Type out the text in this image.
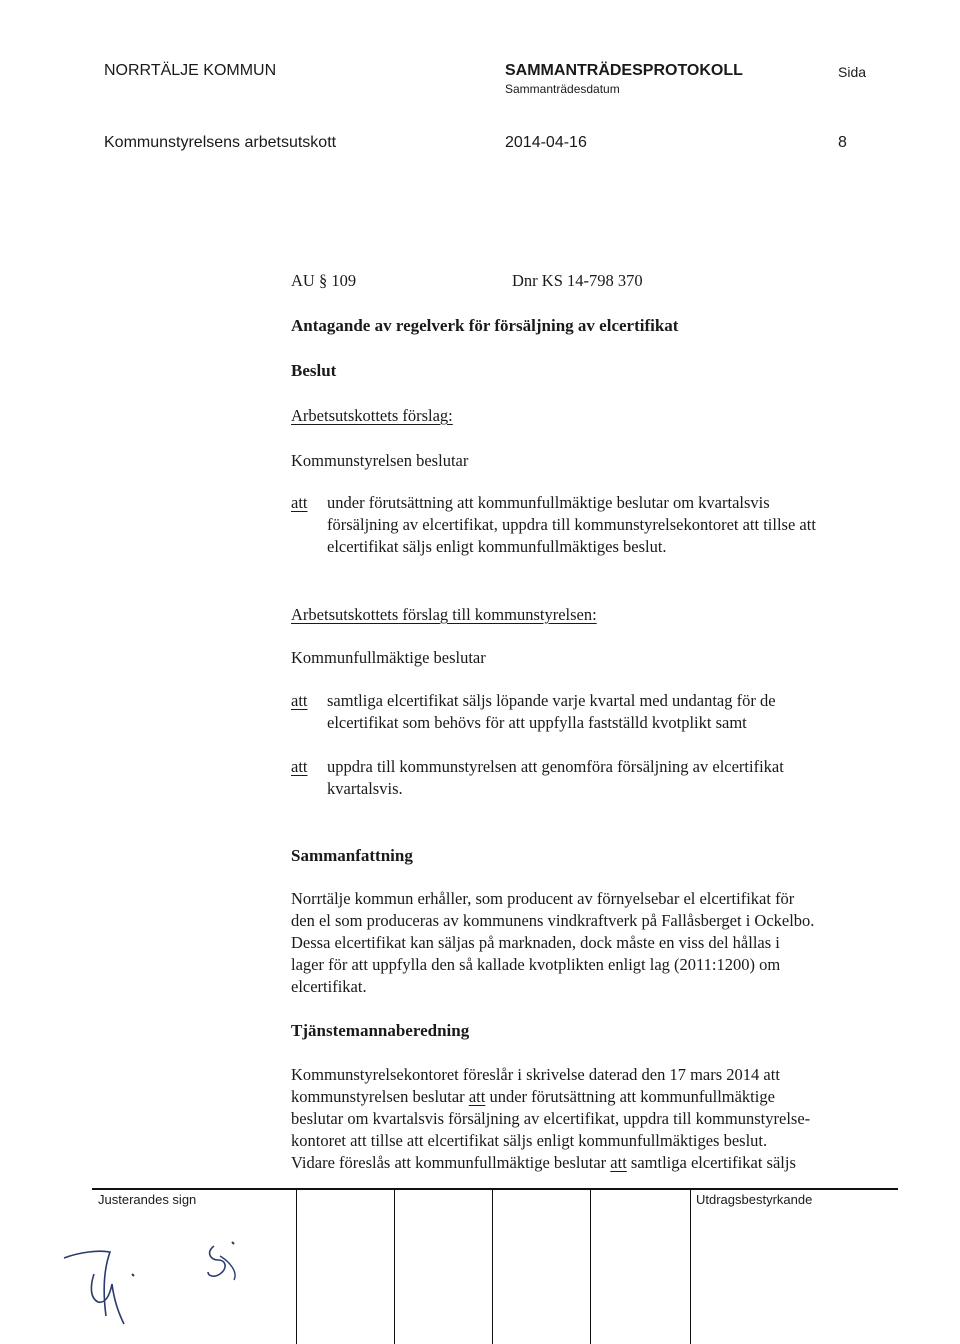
NORRTÄLJE KOMMUN	SAMMANTRÄDESPROTOKOLL
Sammanträdesdatum
Sida
Kommunstyrelsens arbetsutskott	2014-04-16	8
AU § 109	Dnr KS 14-798 370
Antagande av regelverk för försäljning av elcertifikat
Beslut
Arbetsutskottets förslag:
Kommunstyrelsen beslutar
att under förutsättning att kommunfullmäktige beslutar om kvartalsvis
försäljning av elcertifikat, uppdra till kommunstyrelsekontoret att tillse att
elcertifikat säljs enligt kommunfullmäktiges beslut.
Arbetsutskottets förslag till kommunstyrelsen:
Kommunfullmäktige beslutar
att samtliga elcertifikat säljs löpande varje kvartal med undantag för de
elcertifikat som behövs för att uppfylla fastställd kvotplikt samt
att uppdra till kommunstyrelsen att genomföra försäljning av elcertifikat
kvartalsvis.
Sammanfattning
Norrtälje kommun erhåller, som producent av förnyelsebar el elcertifikat för
den el som produceras av kommunens vindkraftverk på Fallåsberget i Ockelbo.
Dessa elcertifikat kan säljas på marknaden, dock måste en viss del hållas i
lager för att uppfylla den så kallade kvotplikten enligt lag (2011:1200) om
elcertifikat.
Tjänstemannaberedning
Kommunstyrelsekontoret föreslår i skrivelse daterad den 17 mars 2014 att
kommunstyrelsen beslutar att under förutsättning att kommunfullmäktige
beslutar om kvartalsvis försäljning av elcertifikat, uppdra till kommunstyrelse-
kontoret att tillse att elcertifikat säljs enligt kommunfullmäktiges beslut.
Vidare föreslås att kommunfullmäktige beslutar att samtliga elcertifikat säljs
Justerandes sign	Utdragsbestyrkande
